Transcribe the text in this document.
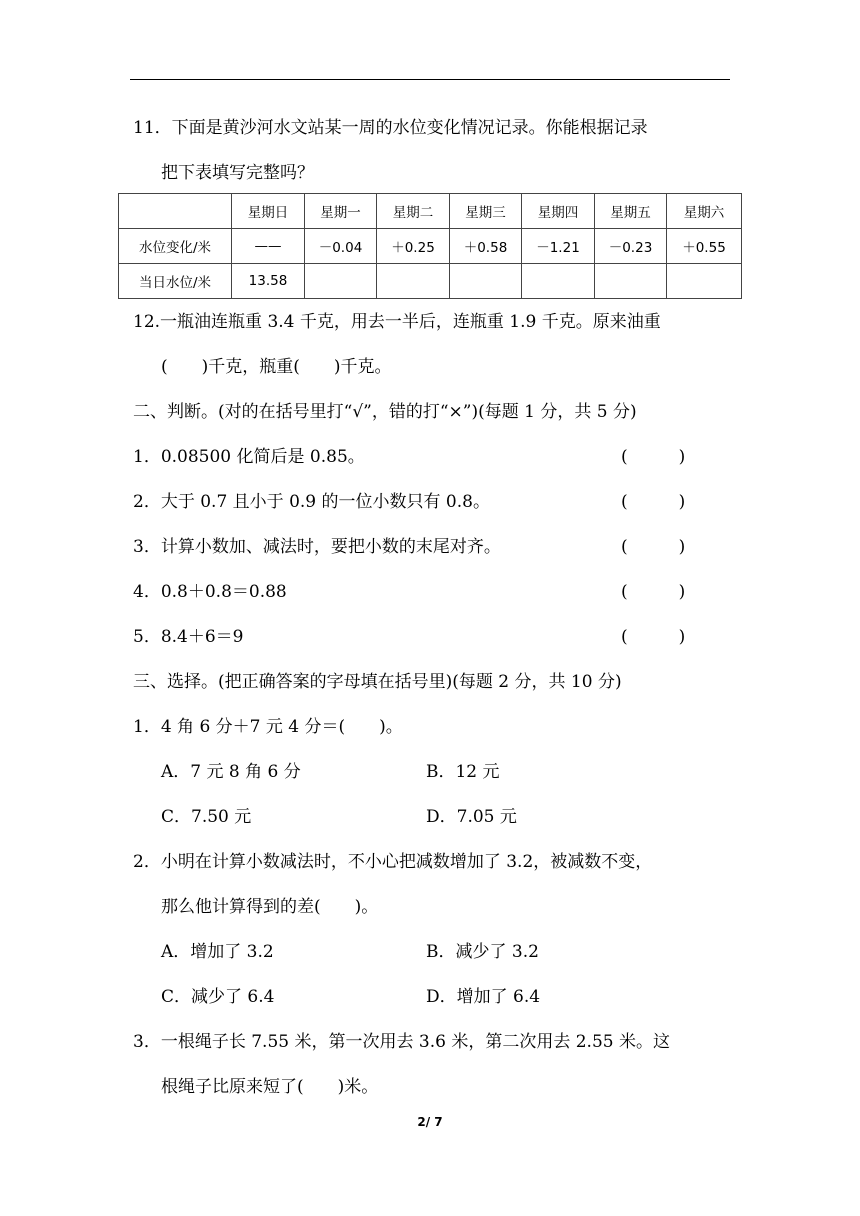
11．下面是黄沙河水文站某一周的水位变化情况记录。你能根据记录
把下表填写完整吗？
	星期日	星期一	星期二	星期三	星期四	星期五	星期六
水位变化/米	——	－0.04	＋0.25	＋0.58	－1.21	－0.23	＋0.55
当日水位/米	13.58						
12.一瓶油连瓶重 3.4 千克，用去一半后，连瓶重 1.9 千克。原来油重
(　　)千克，瓶重(　　)千克。
二、判断。(对的在括号里打“√”，错的打“×”)(每题 1 分，共 5 分)
1．0.08500 化简后是 0.85。	(　　　)
2．大于 0.7 且小于 0.9 的一位小数只有 0.8。	(　　　)
3．计算小数加、减法时，要把小数的末尾对齐。	(　　　)
4．0.8＋0.8＝0.88	(　　　)
5．8.4＋6＝9	(　　　)
三、选择。(把正确答案的字母填在括号里)(每题 2 分，共 10 分)
1．4 角 6 分＋7 元 4 分＝(　　)。
A．7 元 8 角 6 分	B．12 元
C．7.50 元	D．7.05 元
2．小明在计算小数减法时，不小心把减数增加了 3.2，被减数不变，
那么他计算得到的差(　　)。
A．增加了 3.2	B．减少了 3.2
C．减少了 6.4	D．增加了 6.4
3．一根绳子长 7.55 米，第一次用去 3.6 米，第二次用去 2.55 米。这
根绳子比原来短了(　　)米。
2/ 7
